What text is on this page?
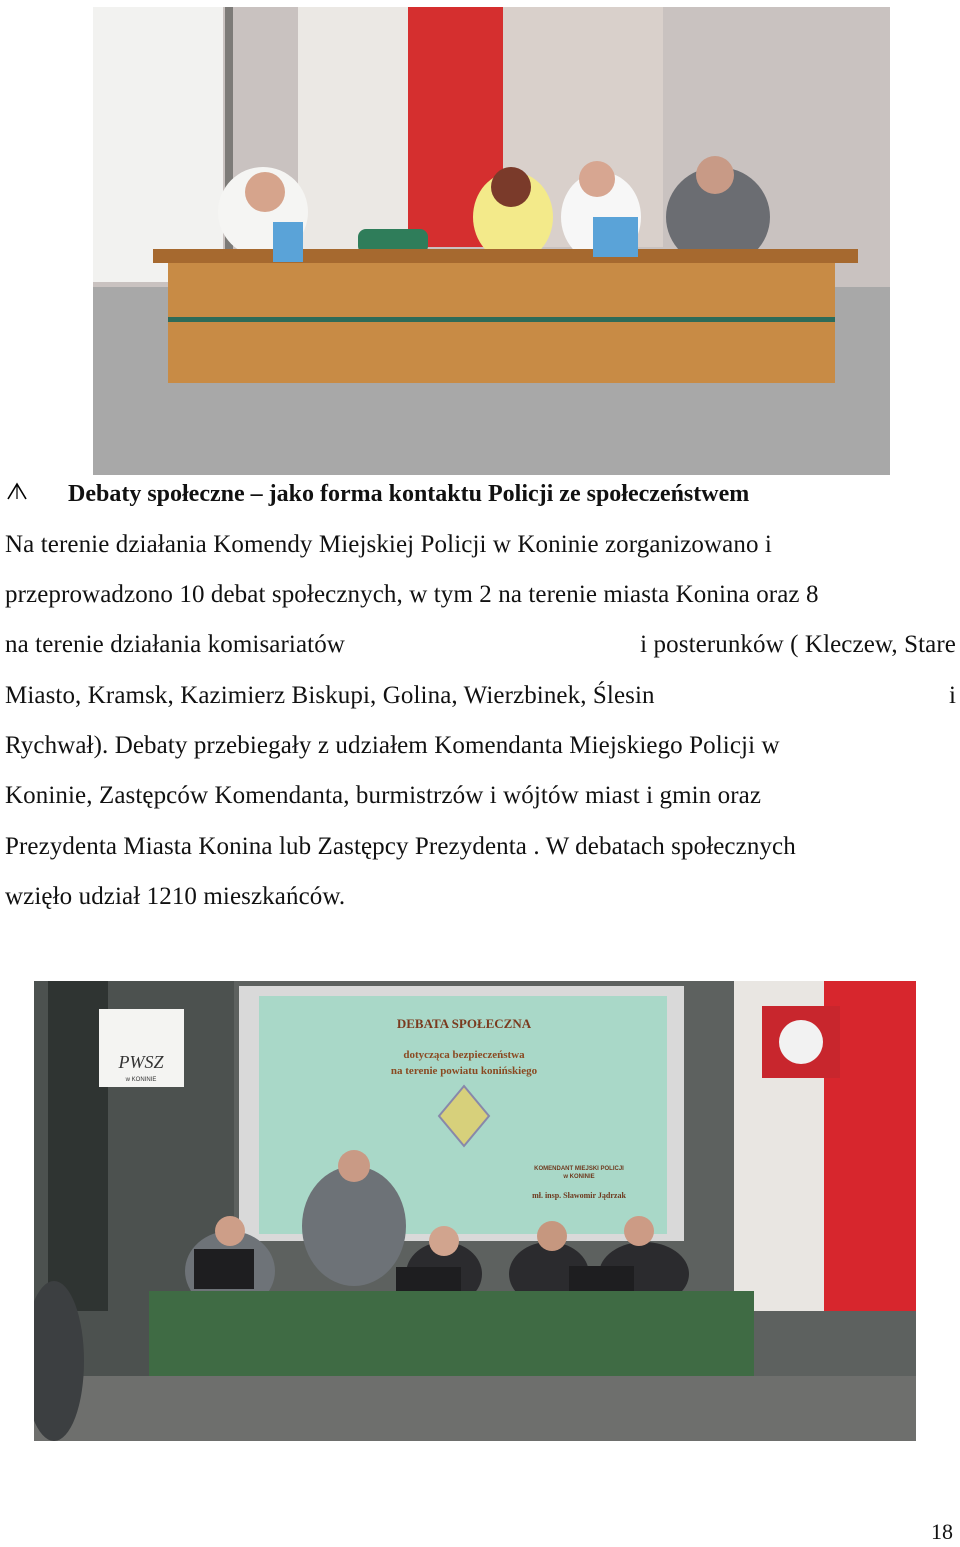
Debaty społeczne – jako forma kontaktu Policji ze społeczeństwem

Na terenie działania Komendy Miejskiej Policji w Koninie zorganizowano i

przeprowadzono 10 debat społecznych, w tym 2 na terenie miasta Konina oraz 8

na terenie działania komisariatów	i posterunków ( Kleczew, Stare

Miasto, Kramsk, Kazimierz Biskupi, Golina, Wierzbinek, Ślesin	i

Rychwał). Debaty przebiegały z udziałem Komendanta Miejskiego Policji w

Koninie, Zastępców Komendanta, burmistrzów i wójtów miast i gmin oraz

Prezydenta Miasta Konina lub Zastępcy Prezydenta . W debatach społecznych

wzięło udział 1210 mieszkańców.

PWSZ
w KONINIE
DEBATA SPOŁECZNA
dotycząca bezpieczeństwa
na terenie powiatu konińskiego
KOMENDANT MIEJSKI POLICJI
w KONINIE
mł. insp. Sławomir Jądrzak
18
